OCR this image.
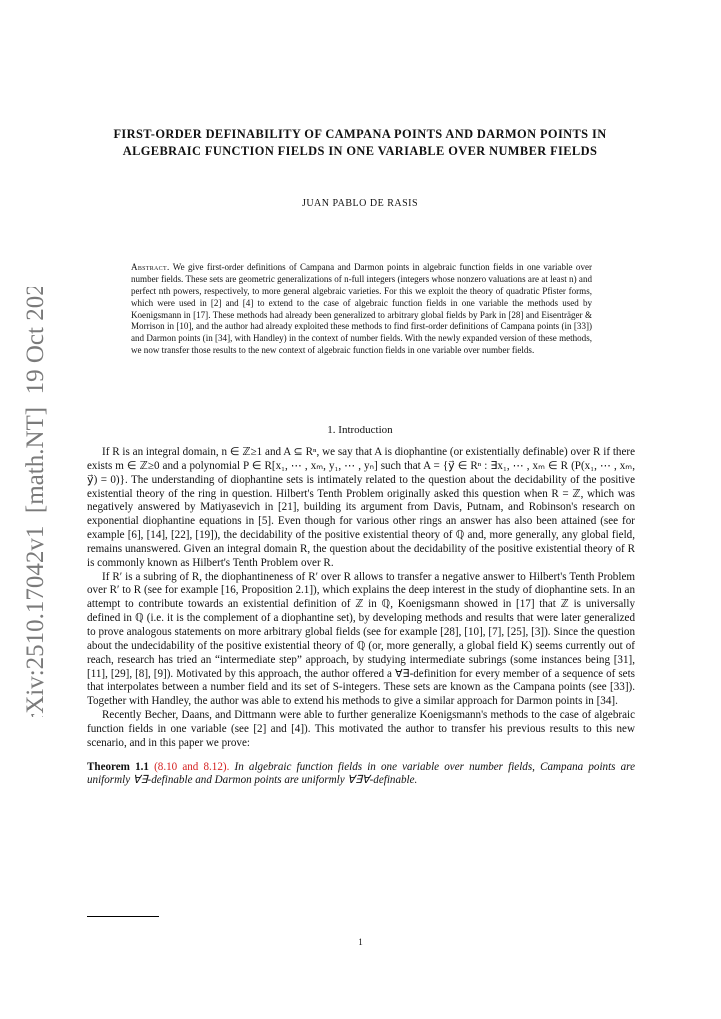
arXiv:2510.17042v1  [math.NT]  19 Oct 2025
FIRST-ORDER DEFINABILITY OF CAMPANA POINTS AND DARMON POINTS IN ALGEBRAIC FUNCTION FIELDS IN ONE VARIABLE OVER NUMBER FIELDS
JUAN PABLO DE RASIS

Abstract. We give first-order definitions of Campana and Darmon points in algebraic function fields in one variable over number fields. These sets are geometric generalizations of n-full integers (integers whose nonzero valuations are at least n) and perfect nth powers, respectively, to more general algebraic varieties. For this we exploit the theory of quadratic Pfister forms, which were used in [2] and [4] to extend to the case of algebraic function fields in one variable the methods used by Koenigsmann in [17]. These methods had already been generalized to arbitrary global fields by Park in [28] and Eisenträger & Morrison in [10], and the author had already exploited these methods to find first-order definitions of Campana points (in [33]) and Darmon points (in [34], with Handley) in the context of number fields. With the newly expanded version of these methods, we now transfer those results to the new context of algebraic function fields in one variable over number fields.

1. Introduction

If R is an integral domain, n ∈ ℤ≥1 and A ⊆ Rⁿ, we say that A is diophantine (or existentially definable) over R if there exists m ∈ ℤ≥0 and a polynomial P ∈ R[x₁, ⋯ , xₘ, y₁, ⋯ , yₙ] such that A = {y⃗ ∈ Rⁿ : ∃x₁, ⋯ , xₘ ∈ R (P(x₁, ⋯ , xₘ, y⃗) = 0)}. The understanding of diophantine sets is intimately related to the question about the decidability of the positive existential theory of the ring in question. Hilbert's Tenth Problem originally asked this question when R = ℤ, which was negatively answered by Matiyasevich in [21], building its argument from Davis, Putnam, and Robinson's research on exponential diophantine equations in [5]. Even though for various other rings an answer has also been attained (see for example [6], [14], [22], [19]), the decidability of the positive existential theory of ℚ and, more generally, any global field, remains unanswered. Given an integral domain R, the question about the decidability of the positive existential theory of R is commonly known as Hilbert's Tenth Problem over R.

If R′ is a subring of R, the diophantineness of R′ over R allows to transfer a negative answer to Hilbert's Tenth Problem over R′ to R (see for example [16, Proposition 2.1]), which explains the deep interest in the study of diophantine sets. In an attempt to contribute towards an existential definition of ℤ in ℚ, Koenigsmann showed in [17] that ℤ is universally defined in ℚ (i.e. it is the complement of a diophantine set), by developing methods and results that were later generalized to prove analogous statements on more arbitrary global fields (see for example [28], [10], [7], [25], [3]). Since the question about the undecidability of the positive existential theory of ℚ (or, more generally, a global field K) seems currently out of reach, research has tried an “intermediate step” approach, by studying intermediate subrings (some instances being [31], [11], [29], [8], [9]). Motivated by this approach, the author offered a ∀∃-definition for every member of a sequence of sets that interpolates between a number field and its set of S-integers. These sets are known as the Campana points (see [33]). Together with Handley, the author was able to extend his methods to give a similar approach for Darmon points in [34].

Recently Becher, Daans, and Dittmann were able to further generalize Koenigsmann's methods to the case of algebraic function fields in one variable (see [2] and [4]). This motivated the author to transfer his previous results to this new scenario, and in this paper we prove:

Theorem 1.1 (8.10 and 8.12). In algebraic function fields in one variable over number fields, Campana points are uniformly ∀∃-definable and Darmon points are uniformly ∀∃∀-definable.

1
